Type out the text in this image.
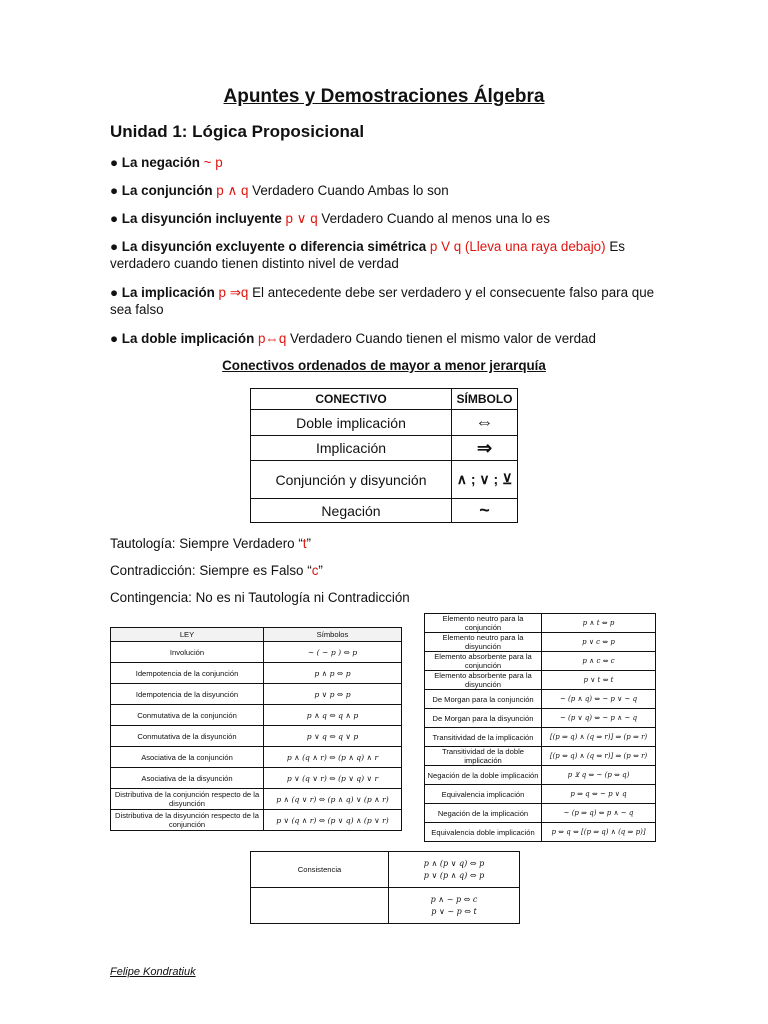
Apuntes y Demostraciones Álgebra
Unidad 1: Lógica Proposicional
● La negación ~ p
● La conjunción p ∧ q Verdadero Cuando Ambas lo son
● La disyunción incluyente p ∨ q Verdadero Cuando al menos una lo es
● La disyunción excluyente o diferencia simétrica p V q (Lleva una raya debajo) Es verdadero cuando tienen distinto nivel de verdad
● La implicación p ⇒q El antecedente debe ser verdadero y el consecuente falso para que sea falso
● La doble implicación p⇔q Verdadero Cuando tienen el mismo valor de verdad
Conectivos ordenados de mayor a menor jerarquía
CONECTIVO	SÍMBOLO
Doble implicación	⇔
Implicación	⇒
Conjunción y disyunción	∧ ; ∨ ; ⊻
Negación	~
Tautología: Siempre Verdadero “t”
Contradicción: Siempre es Falso “c”
Contingencia: No es ni Tautología ni Contradicción
LEY	Símbolos
Involución	~ ( ~ p ) ⇔ p
Idempotencia de la conjunción	p ∧ p ⇔ p
Idempotencia de la disyunción	p ∨ p ⇔ p
Conmutativa de la conjunción	p ∧ q ⇔ q ∧ p
Conmutativa de la disyunción	p ∨ q ⇔ q ∨ p
Asociativa de la conjunción	p ∧ (q ∧ r) ⇔ (p ∧ q) ∧ r
Asociativa de la disyunción	p ∨ (q ∨ r) ⇔ (p ∨ q) ∨ r
Distributiva de la conjunción respecto de la disyunción	p ∧ (q ∨ r) ⇔ (p ∧ q) ∨ (p ∧ r)
Distributiva de la disyunción respecto de la conjunción	p ∨ (q ∧ r) ⇔ (p ∨ q) ∧ (p ∨ r)
Elemento neutro para la conjunción	p ∧ t ⇔ p
Elemento neutro para la disyunción	p ∨ c ⇔ p
Elemento absorbente para la conjunción	p ∧ c ⇔ c
Elemento absorbente para la disyunción	p ∨ t ⇔ t
De Morgan para la conjunción	~ (p ∧ q) ⇔ ~ p ∨ ~ q
De Morgan para la disyunción	~ (p ∨ q) ⇔ ~ p ∧ ~ q
Transitividad de la implicación	[(p ⇒ q) ∧ (q ⇒ r)] ⇒ (p ⇒ r)
Transitividad de la doble implicación	[(p ⇔ q) ∧ (q ⇔ r)] ⇒ (p ⇔ r)
Negación de la doble implicación	p ⊻ q ⇔ ~ (p ⇔ q)
Equivalencia implicación	p ⇒ q ⇔ ~ p ∨ q
Negación de la implicación	~ (p ⇒ q) ⇔ p ∧ ~ q
Equivalencia doble implicación	p ⇔ q ⇔ [(p ⇒ q) ∧ (q ⇒ p)]
Consistencia	p ∧ (p ∨ q) ⇔ p
p ∨ (p ∧ q) ⇔ p

	p ∧ ~ p ⇔ c
p ∨ ~ p ⇔ t
Felipe Kondratiuk
